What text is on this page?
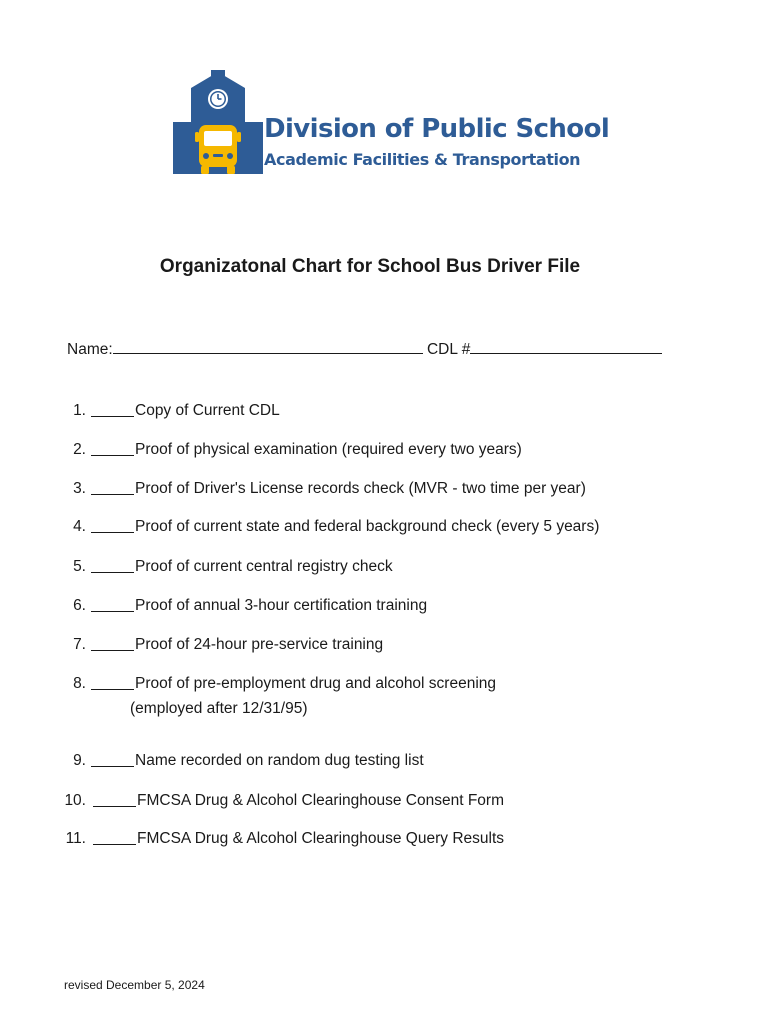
Division of Public School
Academic Facilities & Transportation
Organizatonal Chart for School Bus Driver File
Name:	CDL #
1.	Copy of Current CDL
2.	Proof of physical examination (required every two years)
3.	Proof of Driver's License records check (MVR - two time per year)
4.	Proof of current state and federal background check (every 5 years)
5.	Proof of current central registry check
6.	Proof of annual 3-hour certification training
7.	Proof of 24-hour pre-service training
8.	Proof of pre-employment drug and alcohol screening
(employed after 12/31/95)
9.	Name recorded on random dug testing list
10.	FMCSA Drug & Alcohol Clearinghouse Consent Form
11.	FMCSA Drug & Alcohol Clearinghouse Query Results
revised December 5, 2024
